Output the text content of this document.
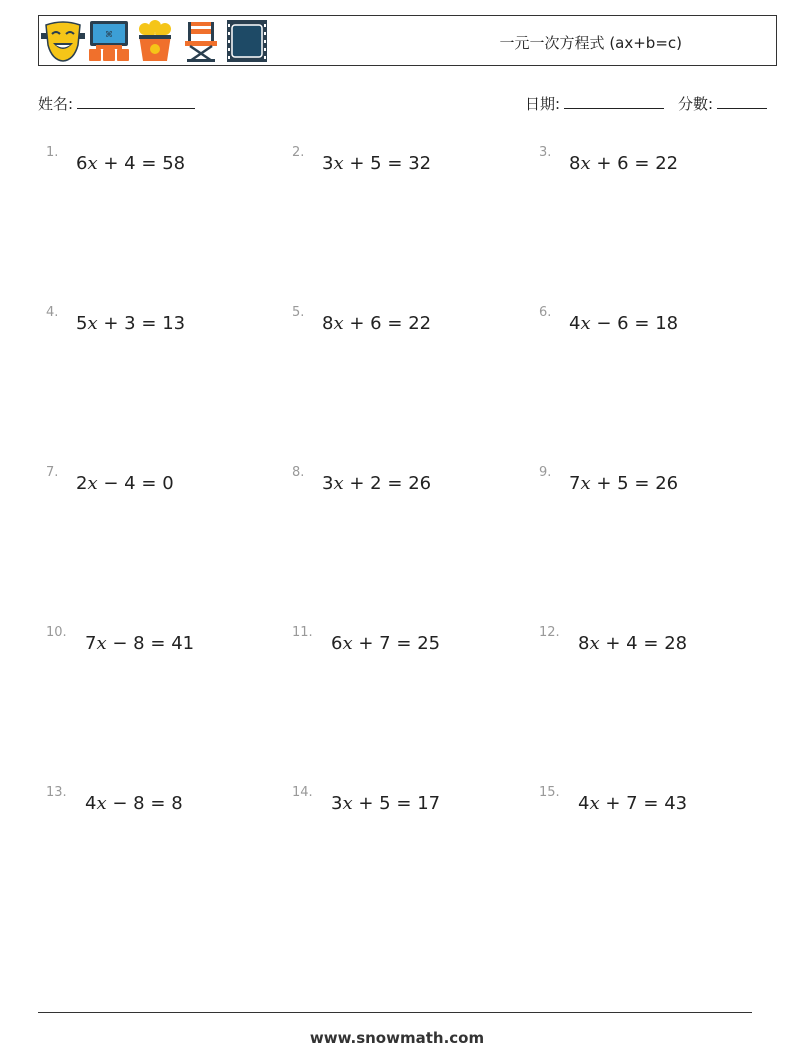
⌘	一元一次方程式 (ax+b=c)
姓名:	日期:	分數:
1.
6x + 4 = 58
2.
3x + 5 = 32
3.
8x + 6 = 22
4.
5x + 3 = 13
5.
8x + 6 = 22
6.
4x − 6 = 18
7.
2x − 4 = 0
8.
3x + 2 = 26
9.
7x + 5 = 26
10.
7x − 8 = 41
11.
6x + 7 = 25
12.
8x + 4 = 28
13.
4x − 8 = 8
14.
3x + 5 = 17
15.
4x + 7 = 43
www.snowmath.com
